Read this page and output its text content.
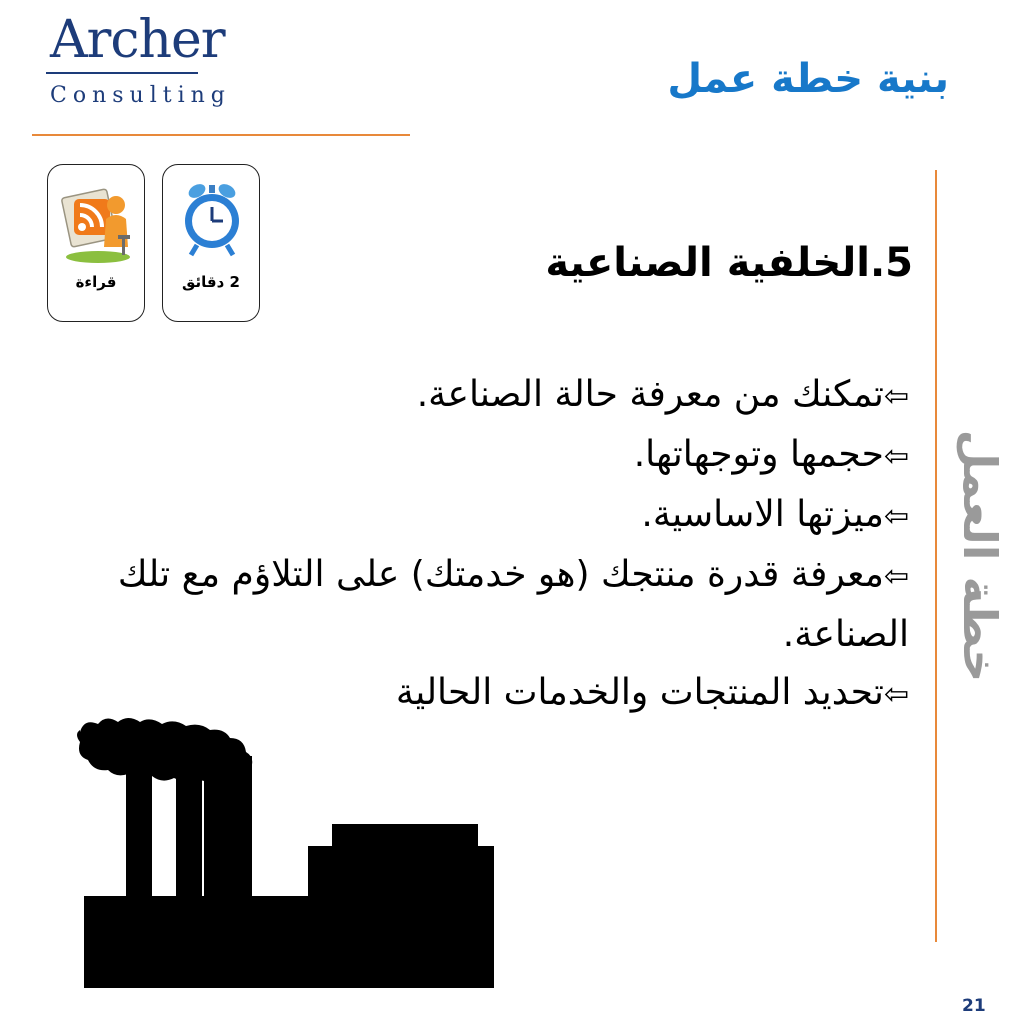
Archer
Consulting	بنية خطة عمل
خطة العمل
قراءة	2 دقائق	5.الخلفية الصناعية
⇦تمكنك من معرفة حالة الصناعة.
⇦حجمها وتوجهاتها.
⇦ميزتها الاساسية.
⇦معرفة قدرة منتجك (هو خدمتك) على التلاؤم مع تلك الصناعة.
⇦تحديد المنتجات والخدمات الحالية
21
